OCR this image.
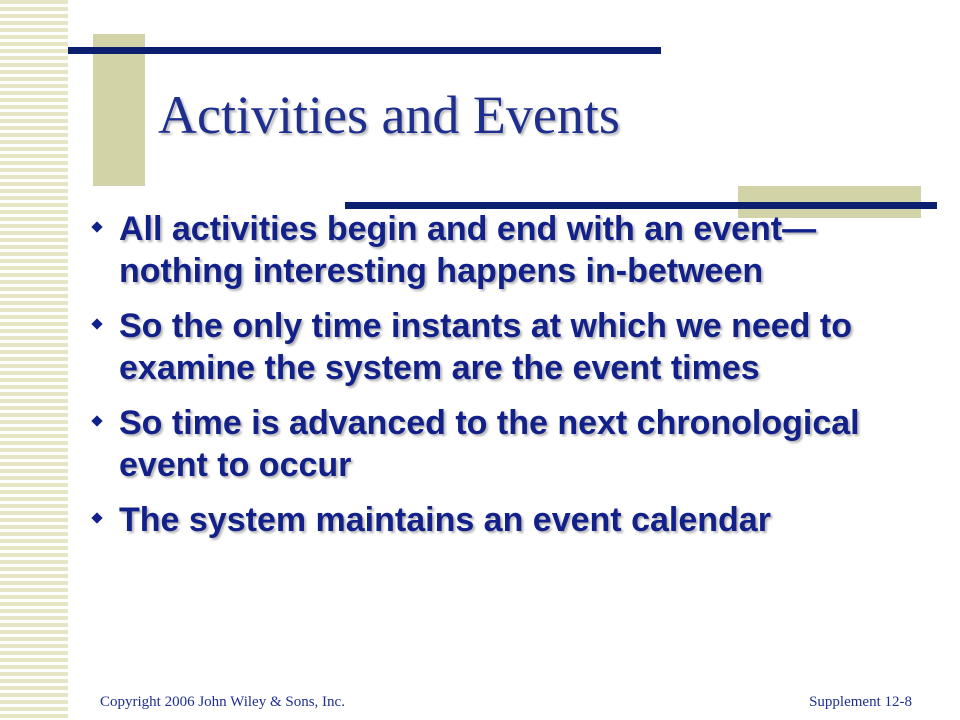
Activities and Events
All activities begin and end with an event—nothing interesting happens in-between
So the only time instants at which we need to examine the system are the event times
So time is advanced to the next chronological event to occur
The system maintains an event calendar

Copyright 2006 John Wiley & Sons, Inc.	Supplement 12-8
